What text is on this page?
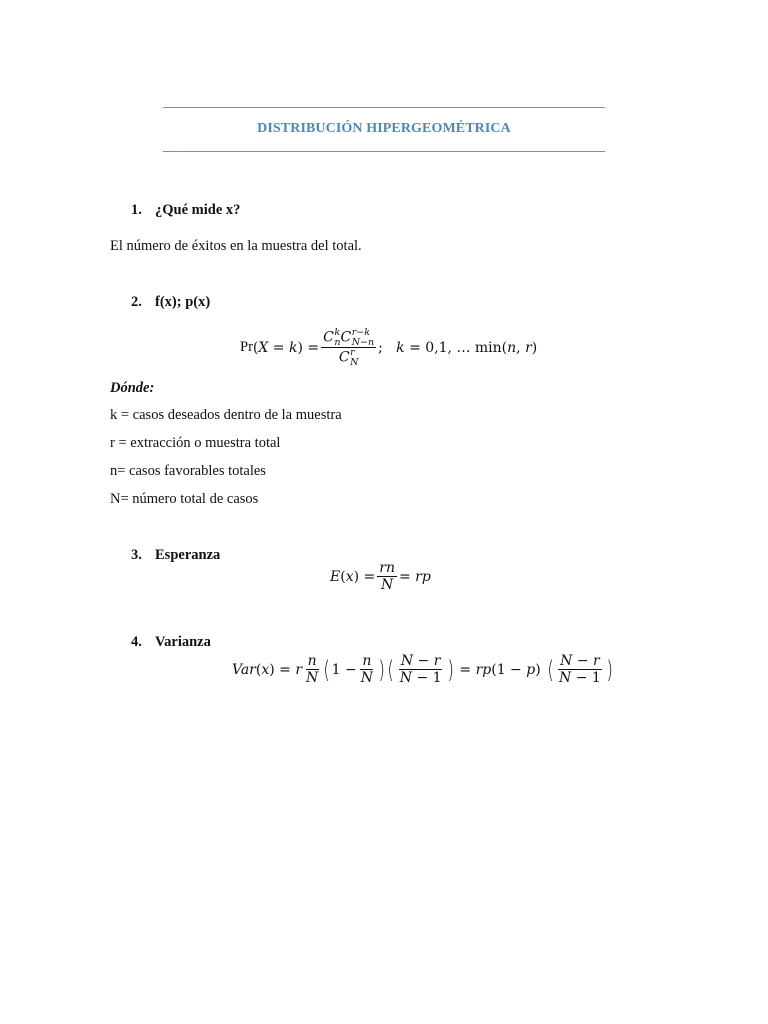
DISTRIBUCIÓN HIPERGEOMÉTRICA
1. ¿Qué mide x?
El número de éxitos en la muestra del total.
2. f(x); p(x)
Pr ( X = k ) = C k
n C r−k
N−n
C r
N ; k = 0,1, … min( n , r )
Dónde:
k = casos deseados dentro de la muestra
r = extracción o muestra total
n= casos favorables totales
N= número total de casos
3. Esperanza
E ( x ) = $\frac{rn}{N}$ = rp
4. Varianza
Var ( x ) = r $\frac{n}{N}$ ( $1 - \frac{n}{N}$ ) ( $\frac{N - r}{N - 1}$ ) = rp (1 − p ) ( $\frac{N - r}{N - 1}$ )
